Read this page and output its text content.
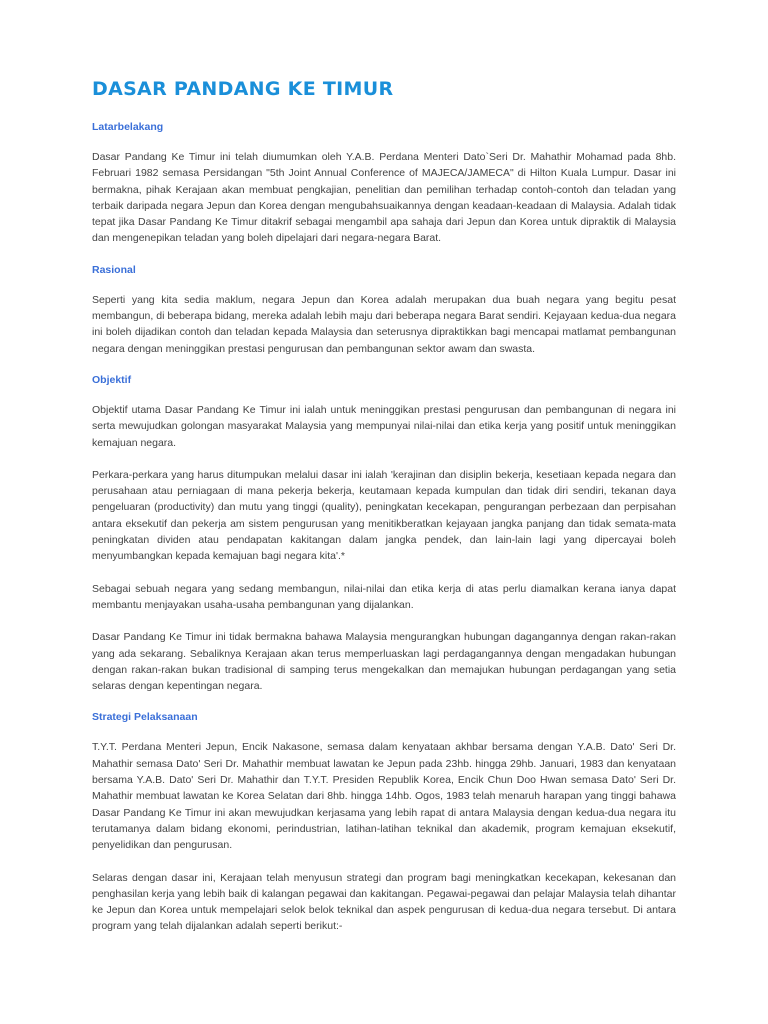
DASAR PANDANG KE TIMUR
Latarbelakang

Dasar Pandang Ke Timur ini telah diumumkan oleh Y.A.B. Perdana Menteri Dato`Seri Dr. Mahathir Mohamad pada 8hb. Februari 1982 semasa Persidangan "5th Joint Annual Conference of MAJECA/JAMECA" di Hilton Kuala Lumpur. Dasar ini bermakna, pihak Kerajaan akan membuat pengkajian, penelitian dan pemilihan terhadap contoh-contoh dan teladan yang terbaik daripada negara Jepun dan Korea dengan mengubahsuaikannya dengan keadaan-keadaan di Malaysia. Adalah tidak tepat jika Dasar Pandang Ke Timur ditakrif sebagai mengambil apa sahaja dari Jepun dan Korea untuk dipraktik di Malaysia dan mengenepikan teladan yang boleh dipelajari dari negara-negara Barat.

Rasional

Seperti yang kita sedia maklum, negara Jepun dan Korea adalah merupakan dua buah negara yang begitu pesat membangun, di beberapa bidang, mereka adalah lebih maju dari beberapa negara Barat sendiri. Kejayaan kedua-dua negara ini boleh dijadikan contoh dan teladan kepada Malaysia dan seterusnya dipraktikkan bagi mencapai matlamat pembangunan negara dengan meninggikan prestasi pengurusan dan pembangunan sektor awam dan swasta.

Objektif

Objektif utama Dasar Pandang Ke Timur ini ialah untuk meninggikan prestasi pengurusan dan pembangunan di negara ini serta mewujudkan golongan masyarakat Malaysia yang mempunyai nilai-nilai dan etika kerja yang positif untuk meninggikan kemajuan negara.

Perkara-perkara yang harus ditumpukan melalui dasar ini ialah 'kerajinan dan disiplin bekerja, kesetiaan kepada negara dan perusahaan atau perniagaan di mana pekerja bekerja, keutamaan kepada kumpulan dan tidak diri sendiri, tekanan daya pengeluaran (productivity) dan mutu yang tinggi (quality), peningkatan kecekapan, pengurangan perbezaan dan perpisahan antara eksekutif dan pekerja am sistem pengurusan yang menitikberatkan kejayaan jangka panjang dan tidak semata-mata peningkatan dividen atau pendapatan kakitangan dalam jangka pendek, dan lain-lain lagi yang dipercayai boleh menyumbangkan kepada kemajuan bagi negara kita'.*

Sebagai sebuah negara yang sedang membangun, nilai-nilai dan etika kerja di atas perlu diamalkan kerana ianya dapat membantu menjayakan usaha-usaha pembangunan yang dijalankan.

Dasar Pandang Ke Timur ini tidak bermakna bahawa Malaysia mengurangkan hubungan dagangannya dengan rakan-rakan yang ada sekarang. Sebaliknya Kerajaan akan terus memperluaskan lagi perdagangannya dengan mengadakan hubungan dengan rakan-rakan bukan tradisional di samping terus mengekalkan dan memajukan hubungan perdagangan yang setia selaras dengan kepentingan negara.

Strategi Pelaksanaan

T.Y.T. Perdana Menteri Jepun, Encik Nakasone, semasa dalam kenyataan akhbar bersama dengan Y.A.B. Dato' Seri Dr. Mahathir semasa Dato' Seri Dr. Mahathir membuat lawatan ke Jepun pada 23hb. hingga 29hb. Januari, 1983 dan kenyataan bersama Y.A.B. Dato' Seri Dr. Mahathir dan T.Y.T. Presiden Republik Korea, Encik Chun Doo Hwan semasa Dato' Seri Dr. Mahathir membuat lawatan ke Korea Selatan dari 8hb. hingga 14hb. Ogos, 1983 telah menaruh harapan yang tinggi bahawa Dasar Pandang Ke Timur ini akan mewujudkan kerjasama yang lebih rapat di antara Malaysia dengan kedua-dua negara itu terutamanya dalam bidang ekonomi, perindustrian, latihan-latihan teknikal dan akademik, program kemajuan eksekutif, penyelidikan dan pengurusan.

Selaras dengan dasar ini, Kerajaan telah menyusun strategi dan program bagi meningkatkan kecekapan, kekesanan dan penghasilan kerja yang lebih baik di kalangan pegawai dan kakitangan. Pegawai-pegawai dan pelajar Malaysia telah dihantar ke Jepun dan Korea untuk mempelajari selok belok teknikal dan aspek pengurusan di kedua-dua negara tersebut. Di antara program yang telah dijalankan adalah seperti berikut:-
